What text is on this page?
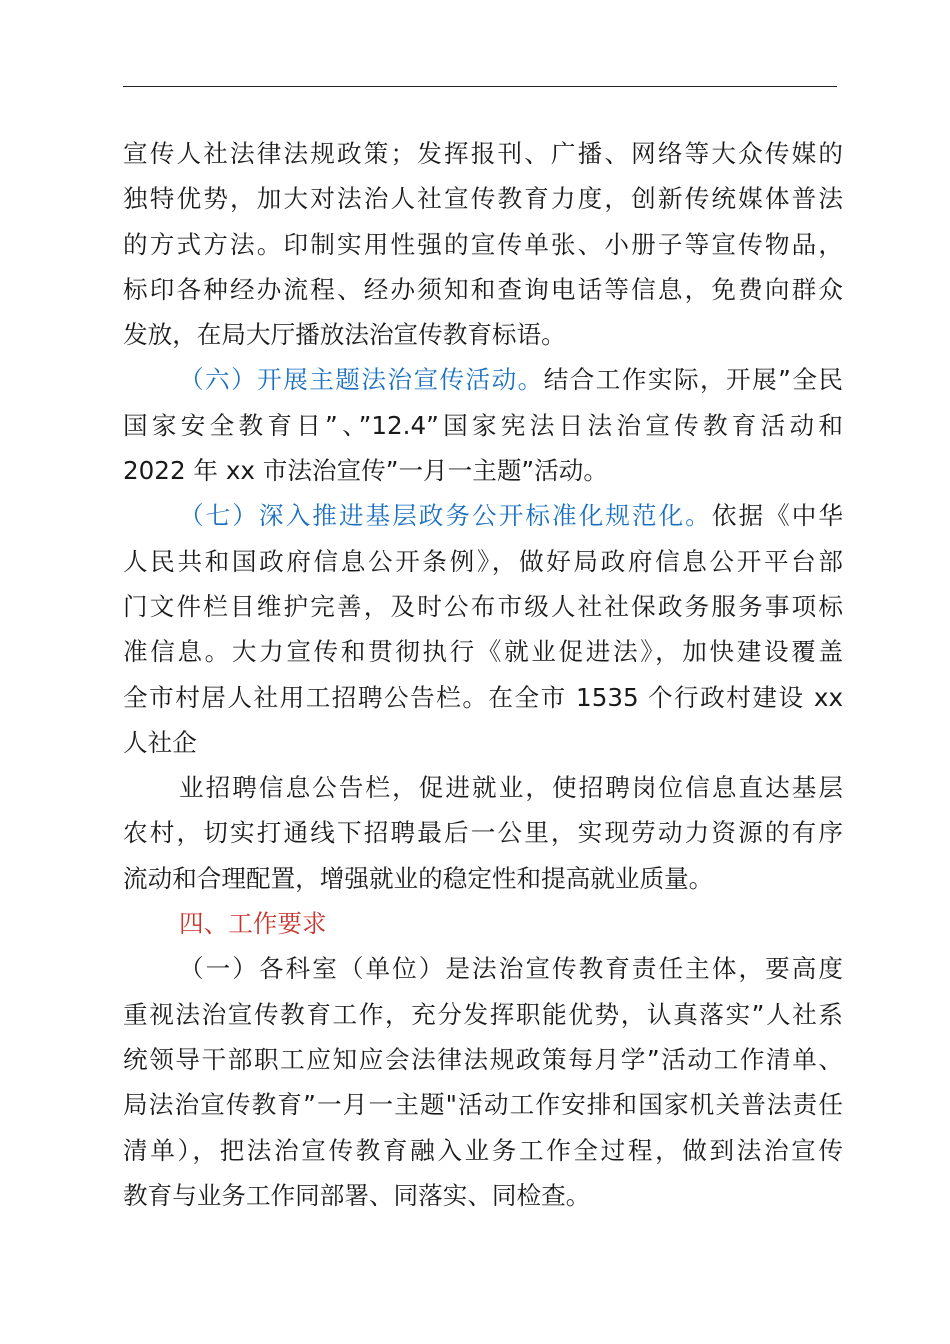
宣传人社法律法规政策；发挥报刊、广播、网络等大众传媒的
独特优势，加大对法治人社宣传教育力度，创新传统媒体普法
的方式方法。印制实用性强的宣传单张、小册子等宣传物品，
标印各种经办流程、经办须知和查询电话等信息，免费向群众
发放，在局大厅播放法治宣传教育标语。
（六）开展主题法治宣传活动。结合工作实际，开展”全民
国家安全教育日”、”12.4”国家宪法日法治宣传教育活动和
2022 年 xx 市法治宣传”一月一主题”活动。
（七）深入推进基层政务公开标准化规范化。依据《中华
人民共和国政府信息公开条例》，做好局政府信息公开平台部
门文件栏目维护完善，及时公布市级人社社保政务服务事项标
准信息。大力宣传和贯彻执行《就业促进法》，加快建设覆盖
全市村居人社用工招聘公告栏。在全市 1535 个行政村建设 xx
人社企
业招聘信息公告栏，促进就业，使招聘岗位信息直达基层
农村，切实打通线下招聘最后一公里，实现劳动力资源的有序
流动和合理配置，增强就业的稳定性和提高就业质量。
四、工作要求
（一）各科室（单位）是法治宣传教育责任主体，要高度
重视法治宣传教育工作，充分发挥职能优势，认真落实”人社系
统领导干部职工应知应会法律法规政策每月学”活动工作清单、
局法治宣传教育”一月一主题"活动工作安排和国家机关普法责任
清单），把法治宣传教育融入业务工作全过程，做到法治宣传
教育与业务工作同部署、同落实、同检查。
